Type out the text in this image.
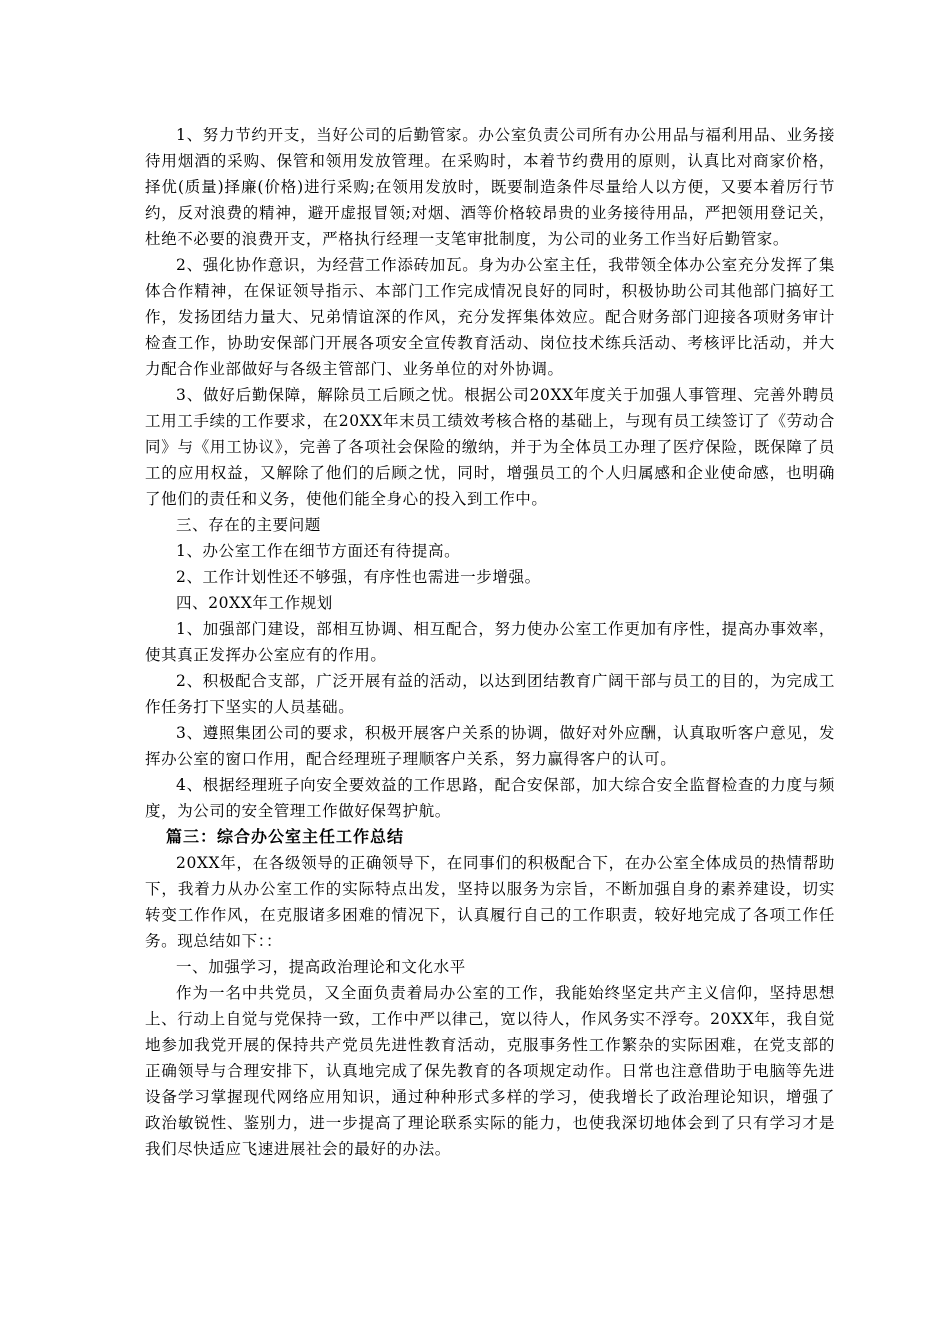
1、努力节约开支，当好公司的后勤管家。办公室负责公司所有办公用品与福利用品、业务接待用烟酒的采购、保管和领用发放管理。在采购时，本着节约费用的原则，认真比对商家价格，择优(质量)择廉(价格)进行采购;在领用发放时，既要制造条件尽量给人以方便，又要本着厉行节约，反对浪费的精神，避开虚报冒领;对烟、酒等价格较昂贵的业务接待用品，严把领用登记关，杜绝不必要的浪费开支，严格执行经理一支笔审批制度，为公司的业务工作当好后勤管家。

2、强化协作意识，为经营工作添砖加瓦。身为办公室主任，我带领全体办公室充分发挥了集体合作精神，在保证领导指示、本部门工作完成情况良好的同时，积极协助公司其他部门搞好工作，发扬团结力量大、兄弟情谊深的作风，充分发挥集体效应。配合财务部门迎接各项财务审计检查工作，协助安保部门开展各项安全宣传教育活动、岗位技术练兵活动、考核评比活动，并大力配合作业部做好与各级主管部门、业务单位的对外协调。

3、做好后勤保障，解除员工后顾之忧。根据公司20XX年度关于加强人事管理、完善外聘员工用工手续的工作要求，在20XX年末员工绩效考核合格的基础上，与现有员工续签订了《劳动合同》与《用工协议》，完善了各项社会保险的缴纳，并于为全体员工办理了医疗保险，既保障了员工的应用权益，又解除了他们的后顾之忧，同时，增强员工的个人归属感和企业使命感，也明确了他们的责任和义务，使他们能全身心的投入到工作中。

三、存在的主要问题

1、办公室工作在细节方面还有待提高。

2、工作计划性还不够强，有序性也需进一步增强。

四、20XX年工作规划

1、加强部门建设，部相互协调、相互配合，努力使办公室工作更加有序性，提高办事效率，使其真正发挥办公室应有的作用。

2、积极配合支部，广泛开展有益的活动，以达到团结教育广阔干部与员工的目的，为完成工作任务打下坚实的人员基础。

3、遵照集团公司的要求，积极开展客户关系的协调，做好对外应酬，认真取听客户意见，发挥办公室的窗口作用，配合经理班子理顺客户关系，努力赢得客户的认可。

4、根据经理班子向安全要效益的工作思路，配合安保部，加大综合安全监督检查的力度与频度，为公司的安全管理工作做好保驾护航。

篇三：综合办公室主任工作总结

20XX年，在各级领导的正确领导下，在同事们的积极配合下，在办公室全体成员的热情帮助下，我着力从办公室工作的实际特点出发，坚持以服务为宗旨，不断加强自身的素养建设，切实转变工作作风，在克服诸多困难的情况下，认真履行自己的工作职责，较好地完成了各项工作任务。现总结如下：：

一、加强学习，提高政治理论和文化水平

作为一名中共党员，又全面负责着局办公室的工作，我能始终坚定共产主义信仰，坚持思想上、行动上自觉与党保持一致，工作中严以律己，宽以待人，作风务实不浮夸。20XX年，我自觉地参加我党开展的保持共产党员先进性教育活动，克服事务性工作繁杂的实际困难，在党支部的正确领导与合理安排下，认真地完成了保先教育的各项规定动作。日常也注意借助于电脑等先进设备学习掌握现代网络应用知识，通过种种形式多样的学习，使我增长了政治理论知识，增强了政治敏锐性、鉴别力，进一步提高了理论联系实际的能力，也使我深切地体会到了只有学习才是我们尽快适应飞速进展社会的最好的办法。
